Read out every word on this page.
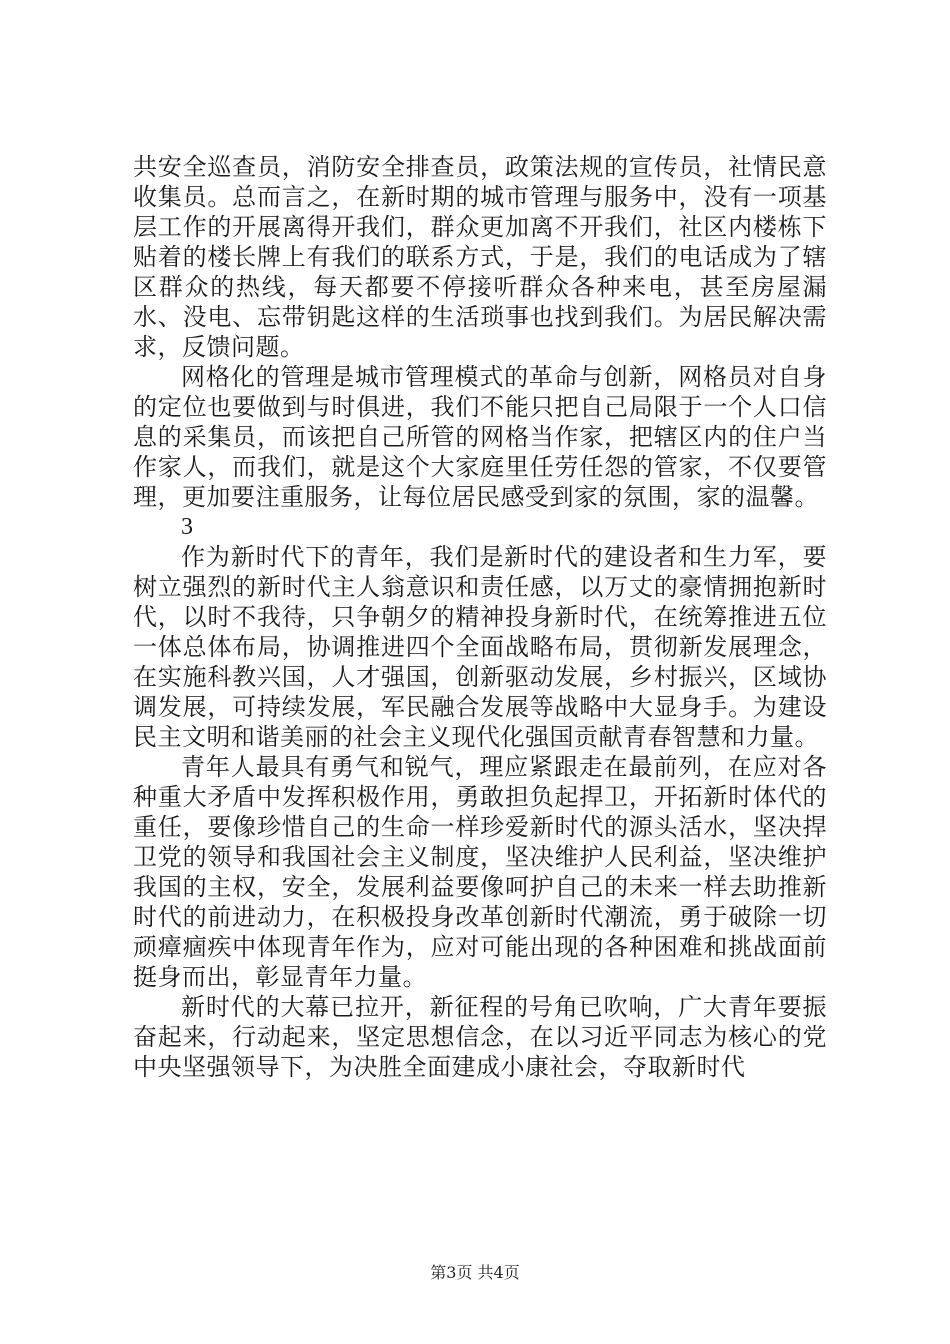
共安全巡查员，消防安全排查员，政策法规的宣传员，社情民意收集员。总而言之，在新时期的城市管理与服务中，没有一项基层工作的开展离得开我们，群众更加离不开我们，社区内楼栋下贴着的楼长牌上有我们的联系方式，于是，我们的电话成为了辖区群众的热线，每天都要不停接听群众各种来电，甚至房屋漏水、没电、忘带钥匙这样的生活琐事也找到我们。为居民解决需求，反馈问题。

网格化的管理是城市管理模式的革命与创新，网格员对自身的定位也要做到与时俱进，我们不能只把自己局限于一个人口信息的采集员，而该把自己所管的网格当作家，把辖区内的住户当作家人，而我们，就是这个大家庭里任劳任怨的管家，不仅要管理，更加要注重服务，让每位居民感受到家的氛围，家的温馨。

3

作为新时代下的青年，我们是新时代的建设者和生力军，要树立强烈的新时代主人翁意识和责任感，以万丈的豪情拥抱新时代，以时不我待，只争朝夕的精神投身新时代，在统筹推进五位一体总体布局，协调推进四个全面战略布局，贯彻新发展理念，在实施科教兴国，人才强国，创新驱动发展，乡村振兴，区域协调发展，可持续发展，军民融合发展等战略中大显身手。为建设民主文明和谐美丽的社会主义现代化强国贡献青春智慧和力量。

青年人最具有勇气和锐气，理应紧跟走在最前列，在应对各种重大矛盾中发挥积极作用，勇敢担负起捍卫，开拓新时体代的重任，要像珍惜自己的生命一样珍爱新时代的源头活水，坚决捍卫党的领导和我国社会主义制度，坚决维护人民利益，坚决维护我国的主权，安全，发展利益要像呵护自己的未来一样去助推新时代的前进动力，在积极投身改革创新时代潮流，勇于破除一切顽瘴痼疾中体现青年作为，应对可能出现的各种困难和挑战面前挺身而出，彰显青年力量。

新时代的大幕已拉开，新征程的号角已吹响，广大青年要振奋起来，行动起来，坚定思想信念，在以习近平同志为核心的党中央坚强领导下，为决胜全面建成小康社会，夺取新时代

第3页 共4页
